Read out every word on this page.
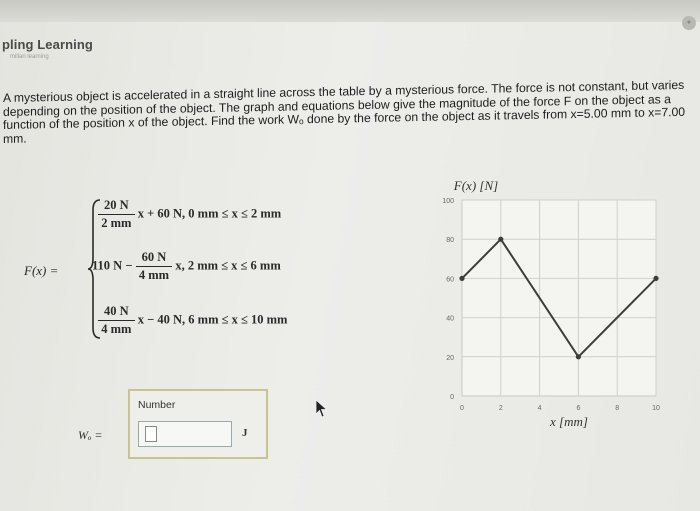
●
pling Learning
millan learning
A mysterious object is accelerated in a straight line across the table by a mysterious force. The force is not constant, but varies depending on the position of the object. The graph and equations below give the magnitude of the force F on the object as a function of the position x of the object. Find the work Wₒ done by the force on the object as it travels from x=5.00 mm to x=7.00 mm.
F(x) =
$\frac{20 N}{2 mm}$ x + 60 N, 0 mm ≤ x ≤ 2 mm
110 $N - \frac{60 N}{4 mm} x$, 2 mm ≤ x ≤ 6 mm
$\frac{40 N}{4 mm}$ x − 40 N, 6 mm ≤ x ≤ 10 mm
0	2	4	6	8	10
0
20
40
60
80
100
F(x) [N]
x [mm]
Wₒ =
Number
J
